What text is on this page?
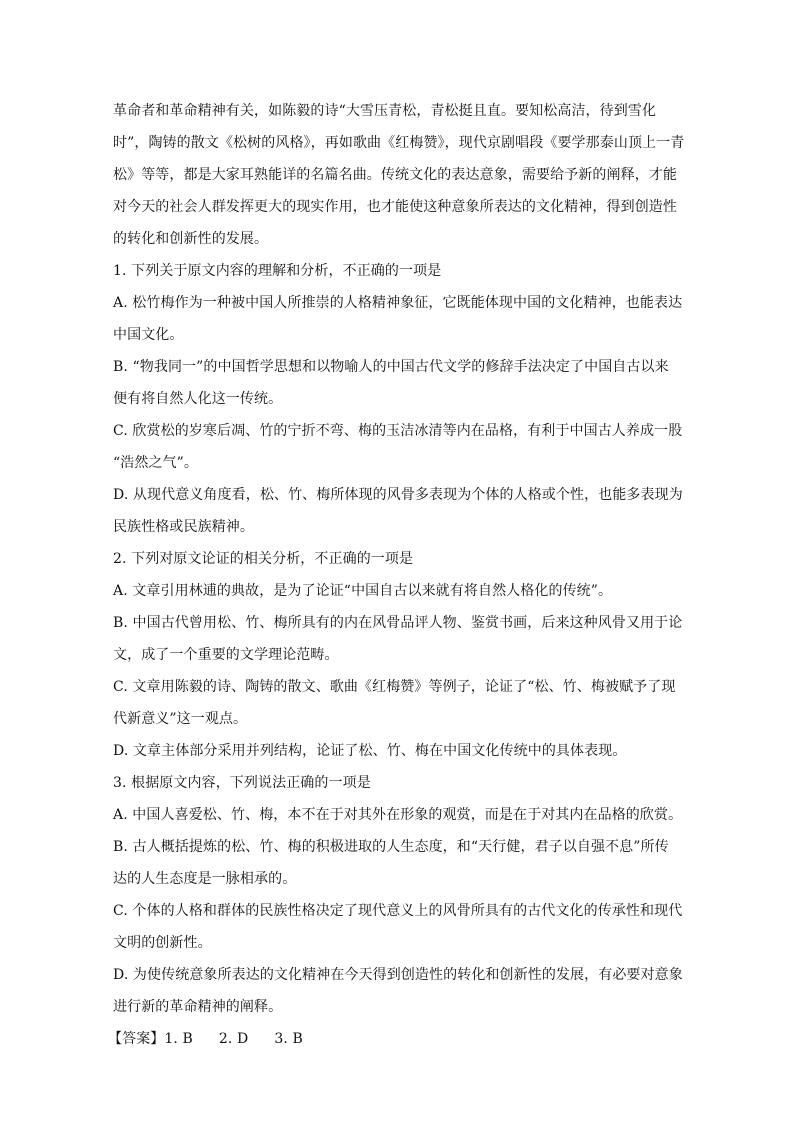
革命者和革命精神有关，如陈毅的诗“大雪压青松，青松挺且直。要知松高洁，待到雪化
时”，陶铸的散文《松树的风格》，再如歌曲《红梅赞》，现代京剧唱段《要学那泰山顶上一青
松》等等，都是大家耳熟能详的名篇名曲。传统文化的表达意象，需要给予新的阐释，才能
对今天的社会人群发挥更大的现实作用，也才能使这种意象所表达的文化精神，得到创造性
的转化和创新性的发展。
1. 下列关于原文内容的理解和分析，不正确的一项是
A. 松竹梅作为一种被中国人所推崇的人格精神象征，它既能体现中国的文化精神，也能表达
中国文化。
B. “物我同一”的中国哲学思想和以物喻人的中国古代文学的修辞手法决定了中国自古以来
便有将自然人化这一传统。
C. 欣赏松的岁寒后凋、竹的宁折不弯、梅的玉洁冰清等内在品格，有利于中国古人养成一股
“浩然之气”。
D. 从现代意义角度看，松、竹、梅所体现的风骨多表现为个体的人格或个性，也能多表现为
民族性格或民族精神。
2. 下列对原文论证的相关分析，不正确的一项是
A. 文章引用林逋的典故，是为了论证“中国自古以来就有将自然人格化的传统”。
B. 中国古代曾用松、竹、梅所具有的内在风骨品评人物、鉴赏书画，后来这种风骨又用于论
文，成了一个重要的文学理论范畴。
C. 文章用陈毅的诗、陶铸的散文、歌曲《红梅赞》等例子，论证了“松、竹、梅被赋予了现
代新意义”这一观点。
D. 文章主体部分采用并列结构，论证了松、竹、梅在中国文化传统中的具体表现。
3. 根据原文内容，下列说法正确的一项是
A. 中国人喜爱松、竹、梅，本不在于对其外在形象的观赏，而是在于对其内在品格的欣赏。
B. 古人概括提炼的松、竹、梅的积极进取的人生态度，和“天行健，君子以自强不息”所传
达的人生态度是一脉相承的。
C. 个体的人格和群体的民族性格决定了现代意义上的风骨所具有的古代文化的传承性和现代
文明的创新性。
D. 为使传统意象所表达的文化精神在今天得到创造性的转化和创新性的发展，有必要对意象
进行新的革命精神的阐释。
【答案】1. B 2. D 3. B
